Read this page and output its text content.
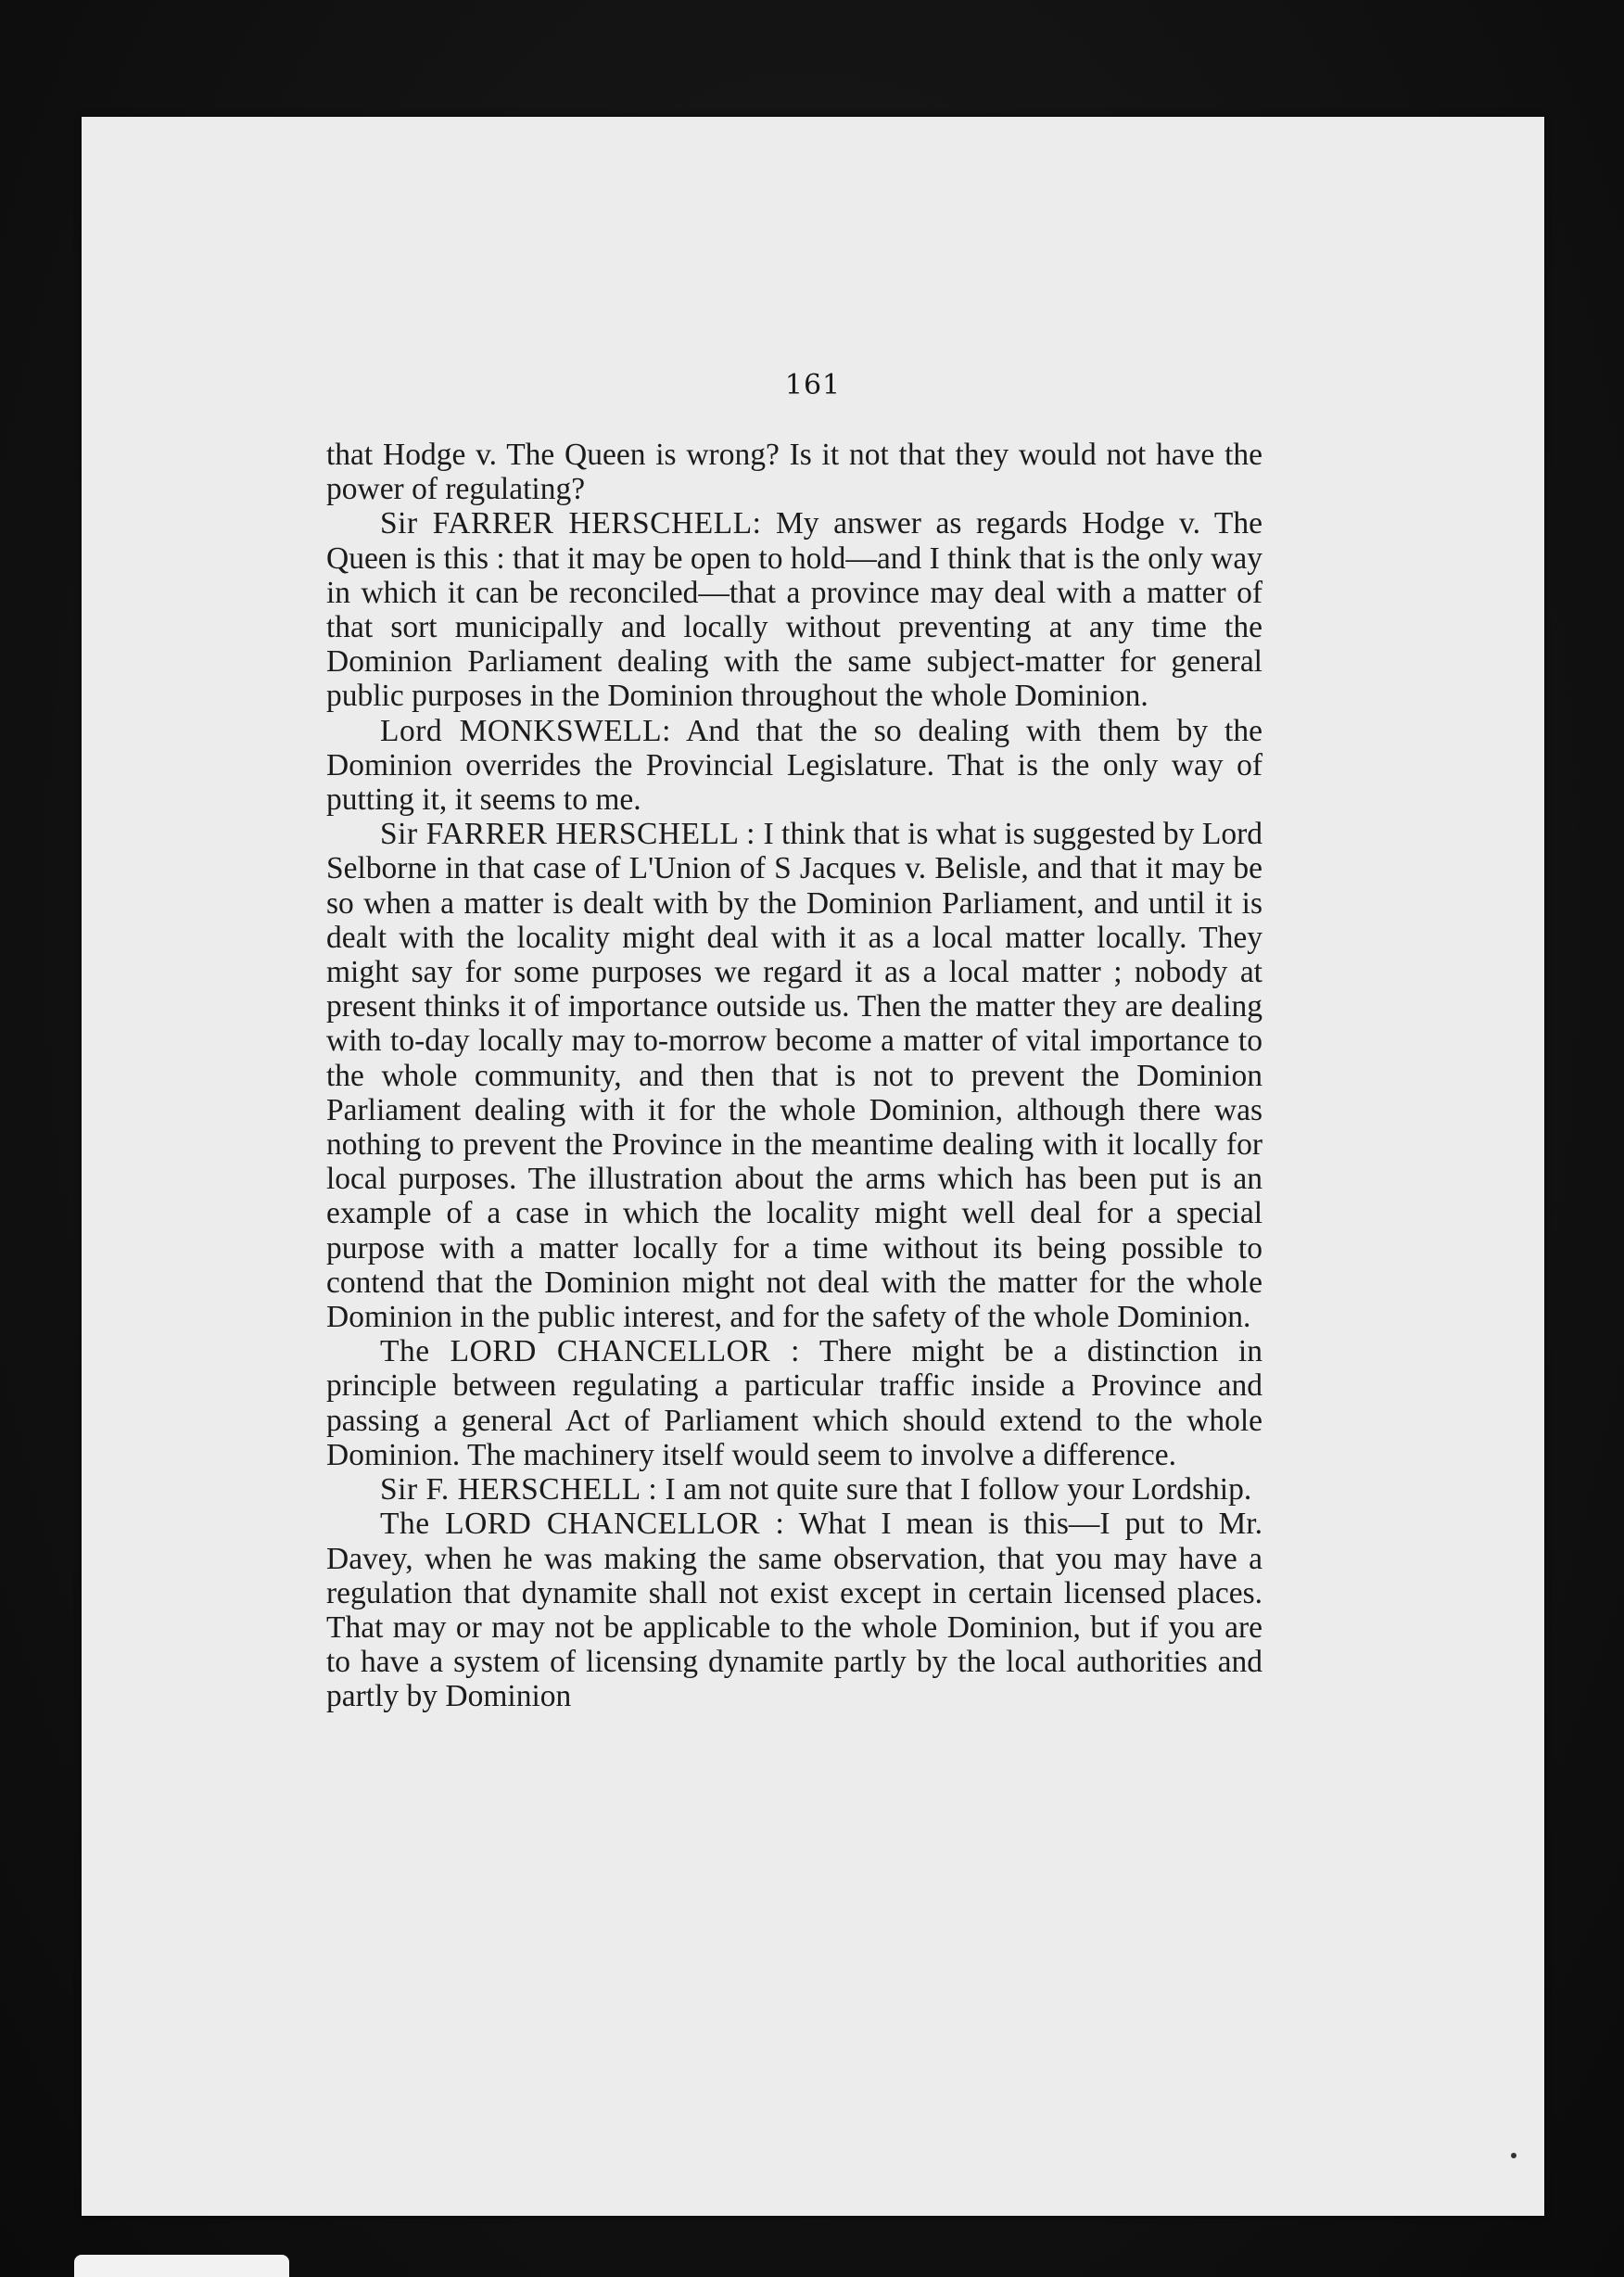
161

that Hodge v. The Queen is wrong? Is it not that they would not have the power of regulating?

Sir FARRER HERSCHELL: My answer as regards Hodge v. The Queen is this : that it may be open to hold—and I think that is the only way in which it can be reconciled—that a province may deal with a matter of that sort municipally and locally without preventing at any time the Dominion Parliament dealing with the same subject-matter for general public purposes in the Dominion throughout the whole Dominion.

Lord MONKSWELL: And that the so dealing with them by the Dominion overrides the Provincial Legislature. That is the only way of putting it, it seems to me.

Sir FARRER HERSCHELL : I think that is what is suggested by Lord Selborne in that case of L'Union of S Jacques v. Belisle, and that it may be so when a matter is dealt with by the Dominion Parliament, and until it is dealt with the locality might deal with it as a local matter locally. They might say for some purposes we regard it as a local matter ; nobody at present thinks it of importance outside us. Then the matter they are dealing with to-day locally may to-morrow become a matter of vital importance to the whole community, and then that is not to prevent the Dominion Parliament dealing with it for the whole Dominion, although there was nothing to prevent the Province in the meantime dealing with it locally for local purposes. The illustration about the arms which has been put is an example of a case in which the locality might well deal for a special purpose with a matter locally for a time without its being possible to contend that the Dominion might not deal with the matter for the whole Dominion in the public interest, and for the safety of the whole Dominion.

The LORD CHANCELLOR : There might be a distinction in principle between regulating a particular traffic inside a Province and passing a general Act of Parliament which should extend to the whole Dominion. The machinery itself would seem to involve a difference.

Sir F. HERSCHELL : I am not quite sure that I follow your Lordship.

The LORD CHANCELLOR : What I mean is this—I put to Mr. Davey, when he was making the same observation, that you may have a regulation that dynamite shall not exist except in certain licensed places. That may or may not be applicable to the whole Dominion, but if you are to have a system of licensing dynamite partly by the local authorities and partly by Dominion
